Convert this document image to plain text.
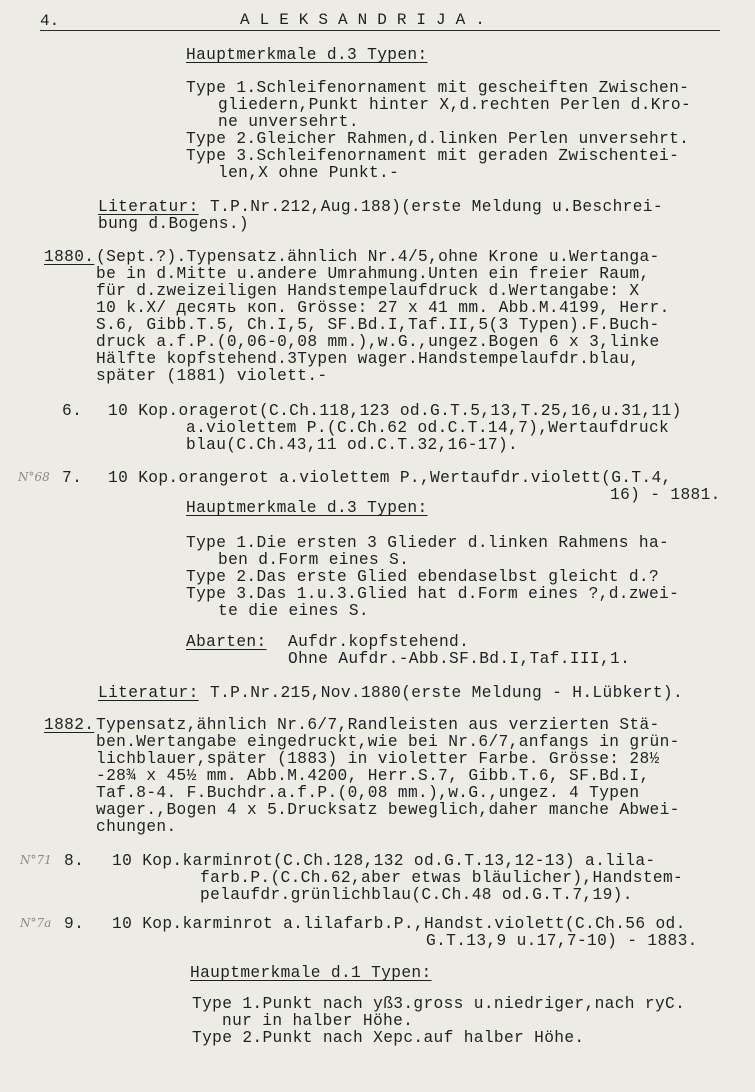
4.	ALEKSANDRIJA.
Hauptmerkmale d.3 Typen:
Type 1.Schleifenornament mit gescheiften Zwischen-
gliedern,Punkt hinter X,d.rechten Perlen d.Kro-
ne unversehrt.
Type 2.Gleicher Rahmen,d.linken Perlen unversehrt.
Type 3.Schleifenornament mit geraden Zwischentei-
len,X ohne Punkt.-
Literatur: T.P.Nr.212,Aug.188)(erste Meldung u.Beschrei-
bung d.Bogens.)
1880. (Sept.?).Typensatz.ähnlich Nr.4/5,ohne Krone u.Wertanga-
be in d.Mitte u.andere Umrahmung.Unten ein freier Raum,
für d.zweizeiligen Handstempelaufdruck d.Wertangabe: X
10 k.X/ десять коп. Grösse: 27 x 41 mm. Abb.M.4199, Herr.
S.6, Gibb.T.5, Ch.I,5, SF.Bd.I,Taf.II,5(3 Typen).F.Buch-
druck a.f.P.(0,06-0,08 mm.),w.G.,ungez.Bogen 6 x 3,linke
Hälfte kopfstehend.3Typen wager.Handstempelaufdr.blau,
später (1881) violett.-
6. 10 Kop.oragerot(C.Ch.118,123 od.G.T.5,13,T.25,16,u.31,11)
a.violettem P.(C.Ch.62 od.C.T.14,7),Wertaufdruck
blau(C.Ch.43,11 od.C.T.32,16-17).
N°68 7. 10 Kop.orangerot a.violettem P.,Wertaufdr.violett(G.T.4,
16) - 1881.
Hauptmerkmale d.3 Typen:
Type 1.Die ersten 3 Glieder d.linken Rahmens ha-
ben d.Form eines S.
Type 2.Das erste Glied ebendaselbst gleicht d.?
Type 3.Das 1.u.3.Glied hat d.Form eines ?,d.zwei-
te die eines S.
Abarten: Aufdr.kopfstehend.
Ohne Aufdr.-Abb.SF.Bd.I,Taf.III,1.
Literatur: T.P.Nr.215,Nov.1880(erste Meldung - H.Lübkert).
1882. Typensatz,ähnlich Nr.6/7,Randleisten aus verzierten Stä-
ben.Wertangabe eingedruckt,wie bei Nr.6/7,anfangs in grün-
lichblauer,später (1883) in violetter Farbe. Grösse: 28½
-28¾ x 45½ mm. Abb.M.4200, Herr.S.7, Gibb.T.6, SF.Bd.I,
Taf.8-4. F.Buchdr.a.f.P.(0,08 mm.),w.G.,ungez. 4 Typen
wager.,Bogen 4 x 5.Drucksatz beweglich,daher manche Abwei-
chungen.
N°71 8. 10 Kop.karminrot(C.Ch.128,132 od.G.T.13,12-13) a.lila-
farb.P.(C.Ch.62,aber etwas bläulicher),Handstem-
pelaufdr.grünlichblau(C.Ch.48 od.G.T.7,19).
N°7a 9. 10 Kop.karminrot a.lilafarb.P.,Handst.violett(C.Ch.56 od.
G.T.13,9 u.17,7-10) - 1883.
Hauptmerkmale d.1 Typen:
Type 1.Punkt nach yß3.gross u.niedriger,nach rуС.
nur in halber Höhe.
Type 2.Punkt nach Xepc.auf halber Höhe.
